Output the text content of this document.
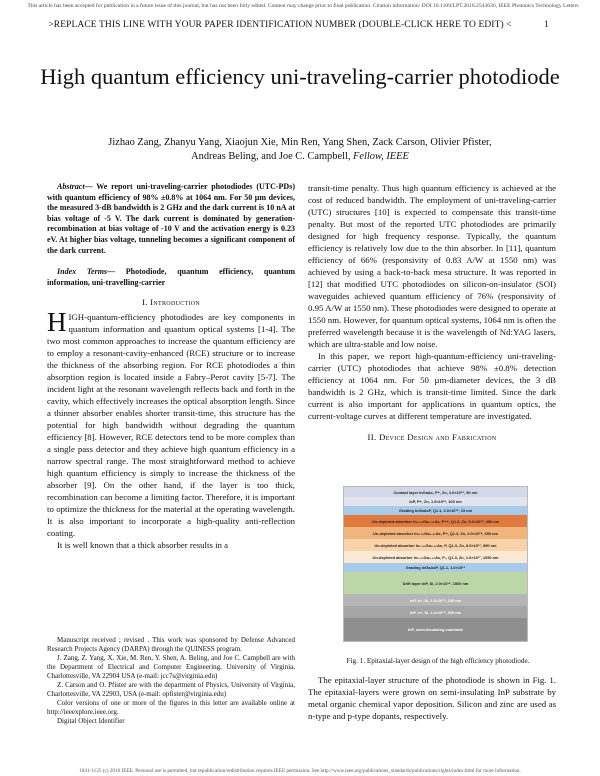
This article has been accepted for publication in a future issue of this journal, but has not been fully edited. Content may change prior to final publication. Citation information: DOI 10.1109/LPT.2016.2543636, IEEE Photonics Technology Letters
>REPLACE THIS LINE WITH YOUR PAPER IDENTIFICATION NUMBER (DOUBLE-CLICK HERE TO EDIT) <	1
High quantum efficiency uni-traveling-carrier photodiode
Jizhao Zang, Zhanyu Yang, Xiaojun Xie, Min Ren, Yang Shen, Zack Carson, Olivier Pfister,
Andreas Beling, and Joe C. Campbell, Fellow, IEEE

Abstract— We report uni-traveling-carrier photodiodes (UTC-PDs) with quantum efficiency of 98% ±0.8% at 1064 nm. For 50 µm devices, the measured 3-dB bandwidth is 2 GHz and the dark current is 10 nA at bias voltage of -5 V. The dark current is dominated by generation-recombination at bias voltage of -10 V and the activation energy is 0.23 eV. At higher bias voltage, tunneling becomes a significant component of the dark current.

Index Terms— Photodiode, quantum efficiency, quantum information, uni-travelling-carrier

I. Introduction

HIGH-quantum-efficiency photodiodes are key components in quantum information and quantum optical systems [1-4]. The two most common approaches to increase the quantum efficiency are to employ a resonant-cavity-enhanced (RCE) structure or to increase the thickness of the absorbing region. For RCE photodiodes a thin absorption region is located inside a Fabry–Perot cavity [5-7]. The incident light at the resonant wavelength reflects back and forth in the cavity, which effectively increases the optical absorption length. Since a thinner absorber enables shorter transit-time, this structure has the potential for high bandwidth without degrading the quantum efficiency [8]. However, RCE detectors tend to be more complex than a single pass detector and they achieve high quantum efficiency in a narrow spectral range. The most straightforward method to achieve high quantum efficiency is simply to increase the thickness of the absorber [9]. On the other hand, if the layer is too thick, recombination can become a limiting factor. Therefore, it is important to optimize the thickness for the material at the operating wavelength. It is also important to incorporate a high-quality anti-reflection coating.

It is well known that a thick absorber results in a

Manuscript received ; revised . This work was sponsored by Defense Advanced Research Projects Agency (DARPA) through the QUINESS program.

J. Zang, Z. Yang, X. Xie, M. Ren, Y. Shen, A. Beling, and Joe C. Campbell are with the Department of Electrical and Computer Engineering, University of Virginia, Charlottesville, VA 22904 USA (e-mail: jcc7s@virginia.edu)

Z. Carson and O. Pfister are with the department of Physics, University of Virginia, Charlottesville, VA 22903, USA (e-mail: opfister@virginia.edu)

Color versions of one or more of the figures in this letter are available online at http://ieeexplore.ieee.org.

Digital Object Identifier

transit-time penalty. Thus high quantum efficiency is achieved at the cost of reduced bandwidth. The employment of uni-traveling-carrier (UTC) structures [10] is expected to compensate this transit-time penalty. But most of the reported UTC photodiodes are primarily designed for high frequency response. Typically, the quantum efficiency is relatively low due to the thin absorber. In [11], quantum efficiency of 66% (responsivity of 0.83 A/W at 1550 nm) was achieved by using a back-to-back mesa structure. It was reported in [12] that modified UTC photodiodes on silicon-on-insulator (SOI) waveguides achieved quantum efficiency of 76% (responsivity of 0.95 A/W at 1550 nm). These photodiodes were designed to operate at 1550 nm. However, for quantum optical systems, 1064 nm is often the preferred wavelength because it is the wavelength of Nd:YAG lasers, which are ultra-stable and low noise.

In this paper, we report high-quantum-efficiency uni-traveling-carrier (UTC) photodiodes that achieve 98% ±0.8% detection efficiency at 1064 nm. For 50 µm-diameter devices, the 3 dB bandwidth is 2 GHz, which is transit-time limited. Since the dark current is also important for applications in quantum optics, the current-voltage curves at different temperature are investigated.

II. Device Design and Fabrication
Contact layer InGaAs, P+, Zn, 2.0×10¹⁹, 50 nm
InP, P+, Zn, 1.5×10¹⁸, 100 nm
Grading InGaAsP, Q1.1, 2.0×10¹⁸, 15 nm
Un-depleted absorber In₀.₅₃Ga₀.₄₇As, P++, Q1.3, Zn, 5.0×10¹⁸, 450 nm
Un-depleted absorber In₀.₅₃Ga₀.₄₇As, P+, Q1.3, Zn, 2.0×10¹⁸, 650 nm
Un-depleted absorber In₀.₅₃Ga₀.₄₇As, P, Q1.3, Zn, 8.0×10¹⁷, 850 nm
Un-depleted absorber In₀.₅₃Ga₀.₄₇As, P-, Q1.3, Zn, 1.0×10¹⁷, 1050 nm
Grading InGaAsP, Q1.1, 1.0×10¹⁶
Drift layer InP, Si, 2.0×10¹⁶, 1500 nm
InP, n+, Si, 1.0×10¹⁹, 100 nm
InP, n+, Si, 1.0×10¹⁹, 500 nm
InP, semi-insulating substrate
Fig. 1. Epitaxial-layer design of the high efficiency photodiode.

The epitaxial-layer structure of the photodiode is shown in Fig. 1. The epitaxial-layers were grown on semi-insulating InP substrate by metal organic chemical vapor deposition. Silicon and zinc are used as n-type and p-type dopants, respectively.

1041-1135 (c) 2016 IEEE. Personal use is permitted, but republication/redistribution requires IEEE permission. See http://www.ieee.org/publications_standards/publications/rights/index.html for more information.
